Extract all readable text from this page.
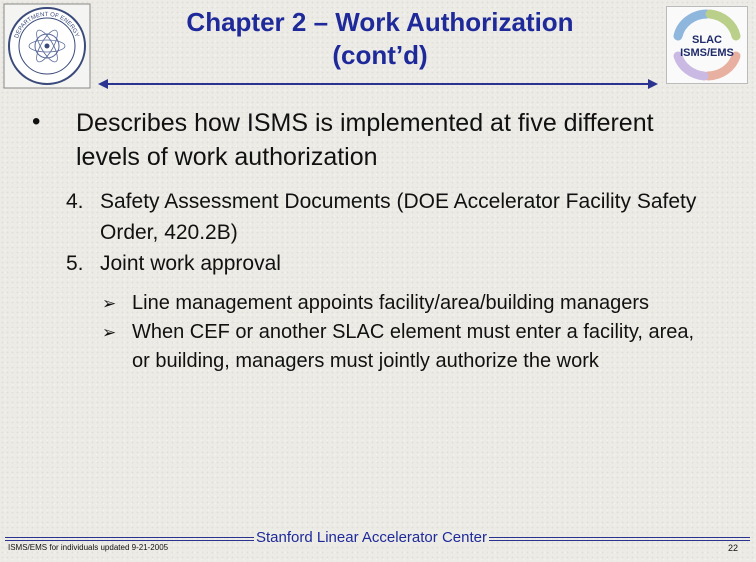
DEPARTMENT OF ENERGY	Chapter 2 – Work Authorization
(cont’d)	SLAC
ISMS/EMS
• Describes how ISMS is implemented at five different levels of work authorization
4. Safety Assessment Documents (DOE Accelerator Facility Safety Order, 420.2B)
5. Joint work approval
➢ Line management appoints facility/area/building managers
➢ When CEF or another SLAC element must enter a facility, area, or building, managers must jointly authorize the work
ISMS/EMS for individuals updated 9-21-2005
Stanford Linear Accelerator Center
22
